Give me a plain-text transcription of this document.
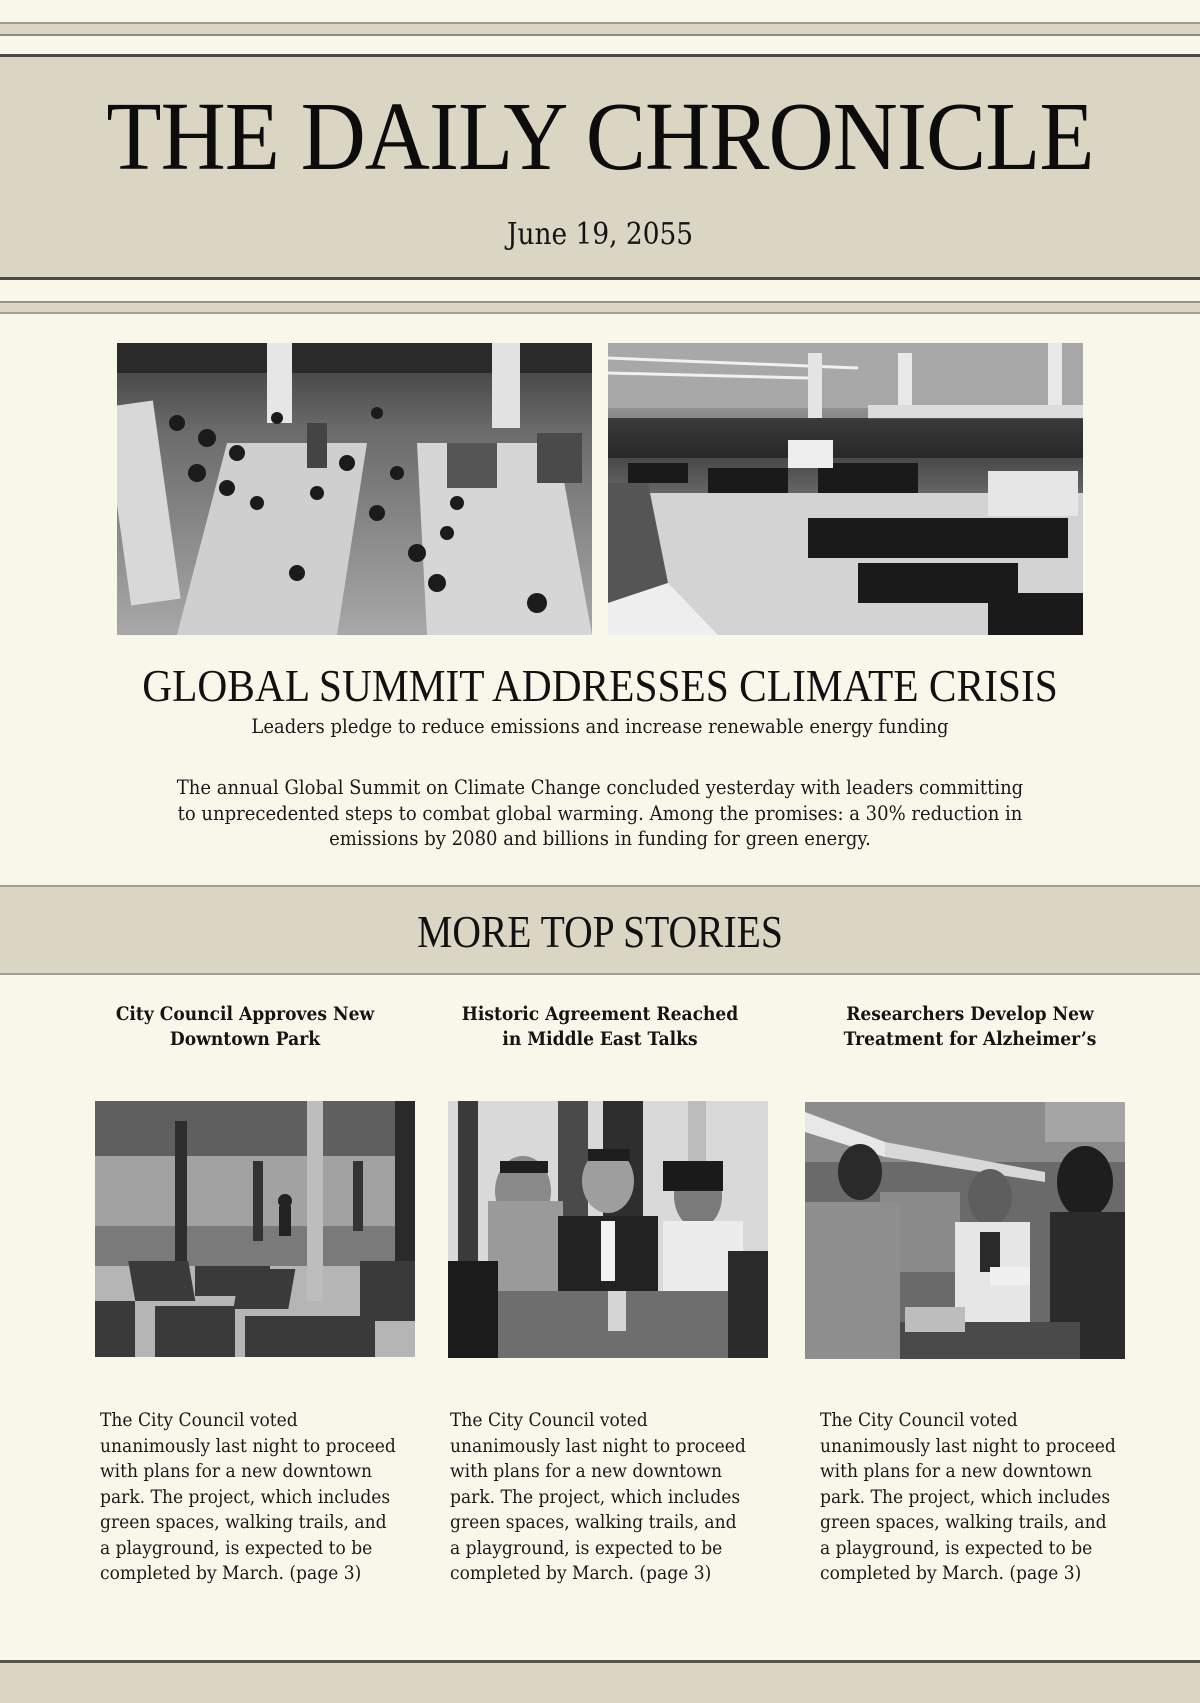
THE DAILY CHRONICLE
June 19, 2055
GLOBAL SUMMIT ADDRESSES CLIMATE CRISIS
Leaders pledge to reduce emissions and increase renewable energy funding

The annual Global Summit on Climate Change concluded yesterday with leaders committing to unprecedented steps to combat global warming. Among the promises: a 30% reduction in emissions by 2080 and billions in funding for green energy.

MORE TOP STORIES
City Council Approves New Downtown Park
Historic Agreement Reached in Middle East Talks
Researchers Develop New Treatment for Alzheimer’s

The City Council voted unanimously last night to proceed with plans for a new downtown park. The project, which includes green spaces, walking trails, and a playground, is expected to be completed by March. (page 3)

The City Council voted unanimously last night to proceed with plans for a new downtown park. The project, which includes green spaces, walking trails, and a playground, is expected to be completed by March. (page 3)

The City Council voted unanimously last night to proceed with plans for a new downtown park. The project, which includes green spaces, walking trails, and a playground, is expected to be completed by March. (page 3)
